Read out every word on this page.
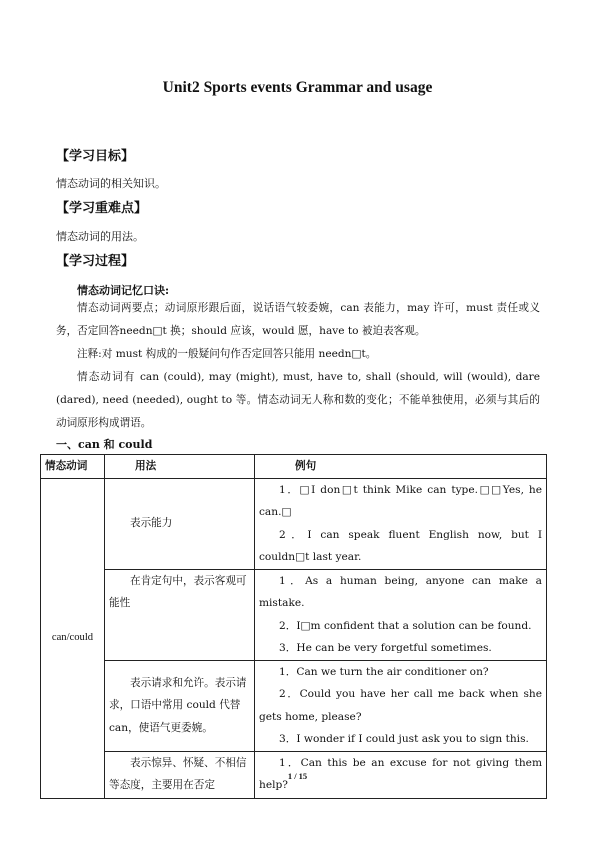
Unit2 Sports events Grammar and usage
【学习目标】
情态动词的相关知识。
【学习重难点】
情态动词的用法。
【学习过程】
情态动词记忆口诀:

情态动词两要点；动词原形跟后面，说话语气较委婉，can 表能力，may 许可，must 责任或义务，否定回答needn□t 换；should 应该，would 愿，have to 被迫表客观。

注释:对 must 构成的一般疑问句作否定回答只能用 needn□t。

情态动词有 can (could), may (might), must, have to, shall (should, will (would), dare (dared), need (needed), ought to 等。情态动词无人称和数的变化；不能单独使用，必须与其后的动词原形构成谓语。

一、can 和 could
情态动词	用法	例句
can/could	表示能力	1．□I don□t think Mike can type.□□Yes, he can.□

2．I can speak fluent English now, but I couldn□t last year.

	在肯定句中，表示客观可能性	1．As a human being, anyone can make a mistake.

2．I□m confident that a solution can be found.

3．He can be very forgetful sometimes.

	表示请求和允许。表示请求，口语中常用 could 代替 can，使语气更委婉。	1．Can we turn the air conditioner on?

2．Could you have her call me back when she gets home, please?

3．I wonder if I could just ask you to sign this.

	表示惊异、怀疑、不相信等态度，主要用在否定	1．Can this be an excuse for not giving them help?

1 / 15
